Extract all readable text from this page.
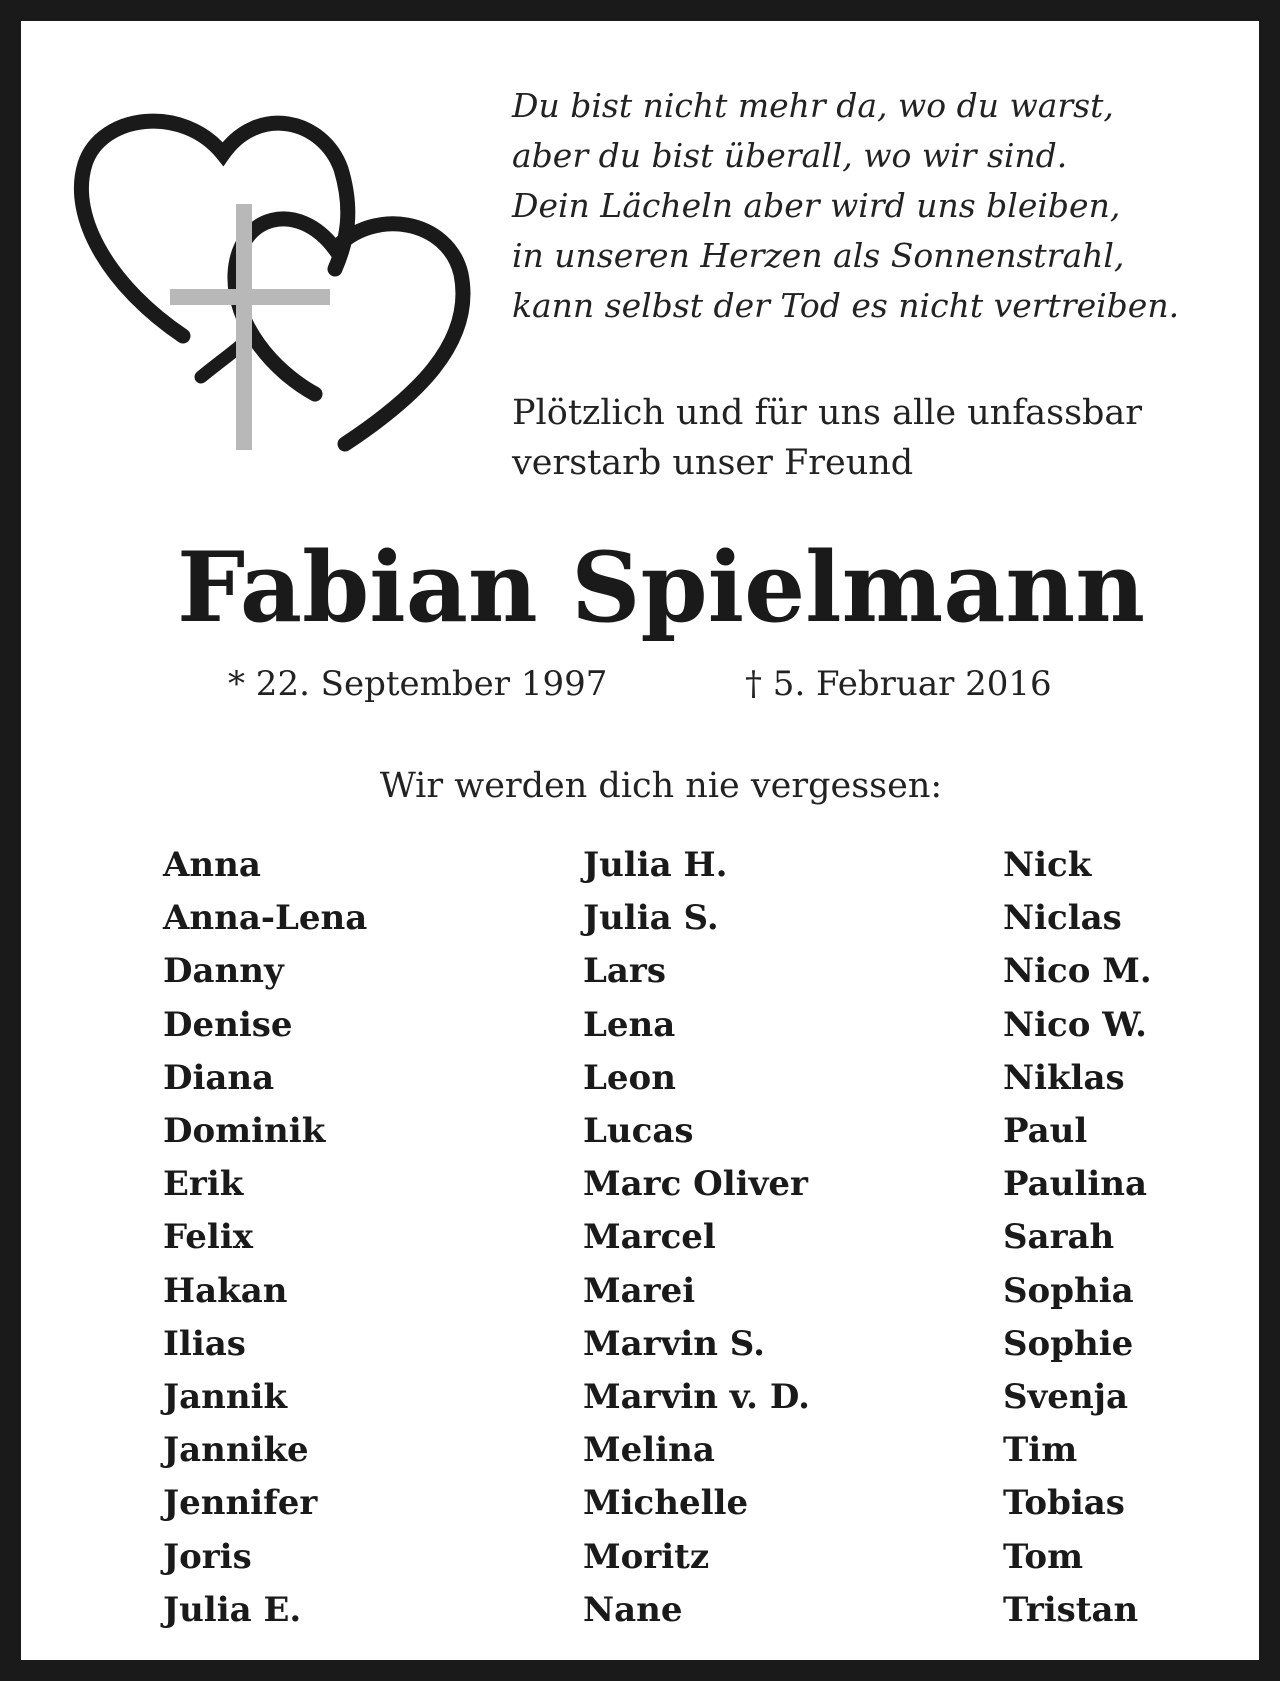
Du bist nicht mehr da, wo du warst,
aber du bist überall, wo wir sind.
Dein Lächeln aber wird uns bleiben,
in unseren Herzen als Sonnenstrahl,
kann selbst der Tod es nicht vertreiben.
Plötzlich und für uns alle unfassbar
verstarb unser Freund
Fabian Spielmann
* 22. September 1997	† 5. Februar 2016
Wir werden dich nie vergessen:
Anna
Anna-Lena
Danny
Denise
Diana
Dominik
Erik
Felix
Hakan
Ilias
Jannik
Jannike
Jennifer
Joris
Julia E.
Julia H.
Julia S.
Lars
Lena
Leon
Lucas
Marc Oliver
Marcel
Marei
Marvin S.
Marvin v. D.
Melina
Michelle
Moritz
Nane
Nick
Niclas
Nico M.
Nico W.
Niklas
Paul
Paulina
Sarah
Sophia
Sophie
Svenja
Tim
Tobias
Tom
Tristan
